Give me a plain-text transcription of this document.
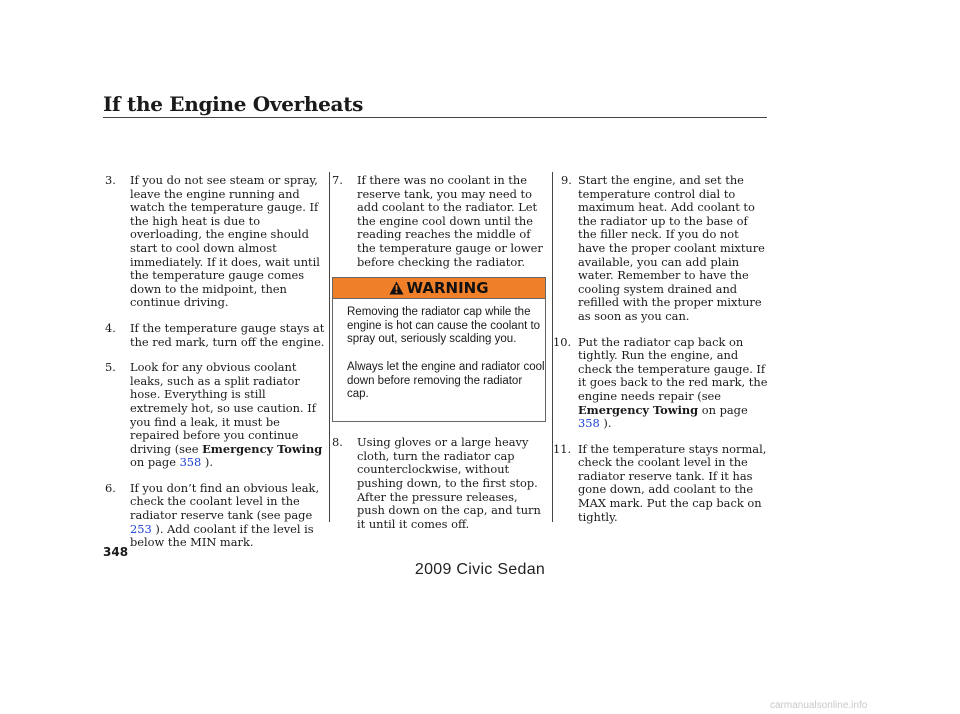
If the Engine Overheats
3. If you do not see steam or spray, leave the engine running and watch the temperature gauge. If the high heat is due to overloading, the engine should start to cool down almost immediately. If it does, wait until the temperature gauge comes down to the midpoint, then continue driving.
4. If the temperature gauge stays at the red mark, turn off the engine.
5. Look for any obvious coolant leaks, such as a split radiator hose. Everything is still extremely hot, so use caution. If you find a leak, it must be repaired before you continue driving (see Emergency Towing on page 358 ).
6. If you don’t find an obvious leak, check the coolant level in the radiator reserve tank (see page
253 ). Add coolant if the level is below the MIN mark.
7. If there was no coolant in the reserve tank, you may need to add coolant to the radiator. Let the engine cool down until the reading reaches the middle of the temperature gauge or lower before checking the radiator.
WARNING

Removing the radiator cap while the engine is hot can cause the coolant to spray out, seriously scalding you.

Always let the engine and radiator cool down before removing the radiator cap.

8. Using gloves or a large heavy cloth, turn the radiator cap counterclockwise, without pushing down, to the first stop. After the pressure releases, push down on the cap, and turn it until it comes off.
9. Start the engine, and set the temperature control dial to maximum heat. Add coolant to the radiator up to the base of the filler neck. If you do not have the proper coolant mixture available, you can add plain water. Remember to have the cooling system drained and refilled with the proper mixture as soon as you can.
10. Put the radiator cap back on tightly. Run the engine, and check the temperature gauge. If it goes back to the red mark, the engine needs repair (see Emergency Towing on page 358 ).
11. If the temperature stays normal, check the coolant level in the radiator reserve tank. If it has gone down, add coolant to the MAX mark. Put the cap back on tightly.
348
2009 Civic Sedan
carmanualsonline.info
